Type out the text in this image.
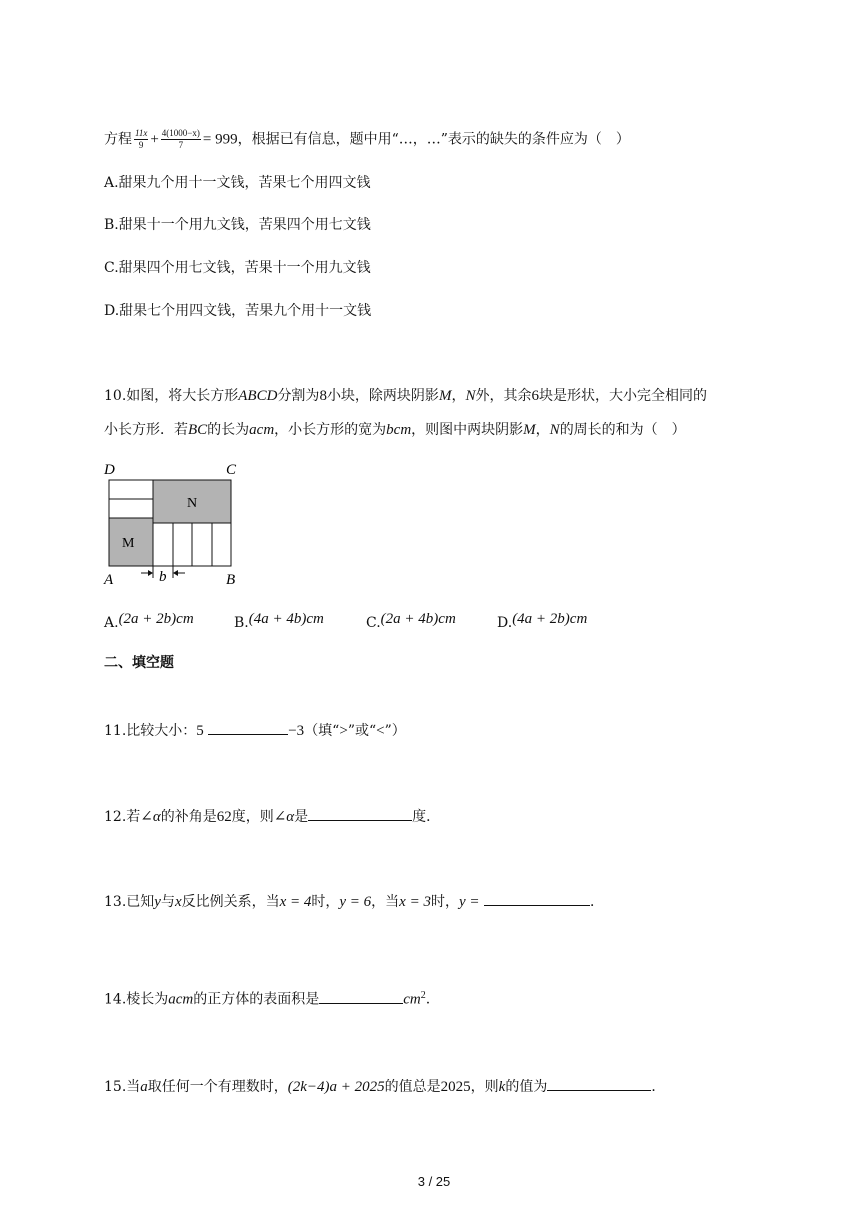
方程 $\frac{11x}{9} + \frac{4(1000-x)}{7} = 999$，根据已有信息，题中用“…，…”表示的缺失的条件应为（　）
A.甜果九个用十一文钱，苦果七个用四文钱
B.甜果十一个用九文钱，苦果四个用七文钱
C.甜果四个用七文钱，苦果十一个用九文钱
D.甜果七个用四文钱，苦果九个用十一文钱
10.如图，将大长方形ABCD分割为8小块，除两块阴影M，N外，其余6块是形状，大小完全相同的
小长方形．若BC的长为acm，小长方形的宽为bcm，则图中两块阴影M，N的周长的和为（　）
D	C
A	B
N
M
b
A.(2a + 2b)cm	B.(4a + 4b)cm	C.(2a + 4b)cm	D.(4a + 2b)cm
二、填空题
11.比较大小：5	−3（填“>”或“<”）
12.若∠α的补角是62度，则∠α是	度．
13.已知y与x反比例关系，当x = 4时，y = 6，当x = 3时，y =	．
14.棱长为acm的正方体的表面积是	$cm^2$.
15.当a取任何一个有理数时，(2k−4)a + 2025的值总是2025，则k的值为	．
3 / 25
